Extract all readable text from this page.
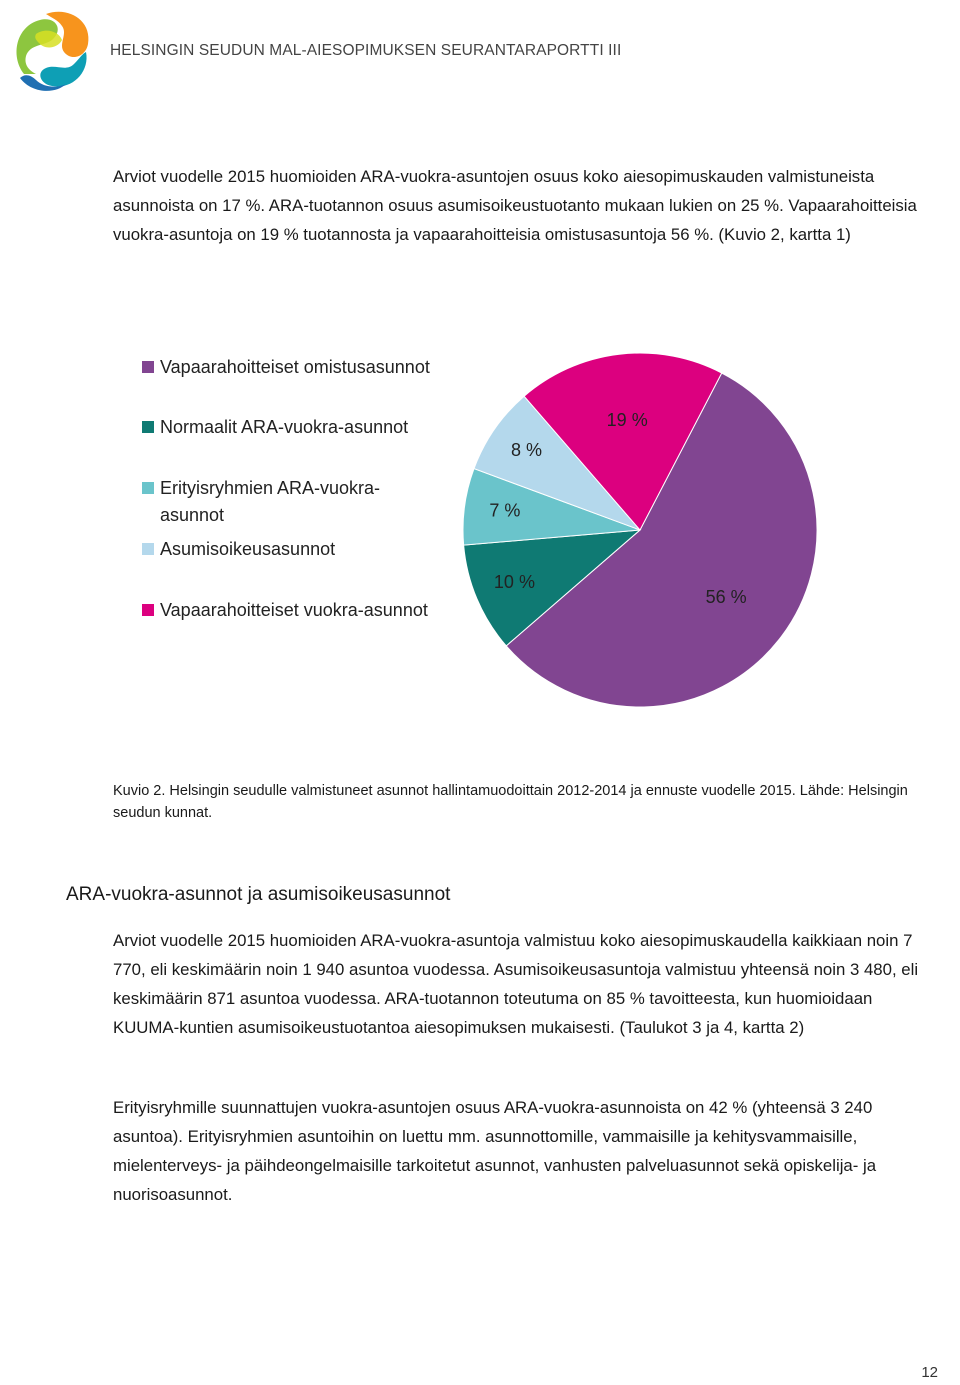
HELSINGIN SEUDUN MAL-AIESOPIMUKSEN SEURANTARAPORTTI III

Arviot vuodelle 2015 huomioiden ARA-vuokra-asuntojen osuus koko aiesopimuskauden valmistuneista asunnoista on 17 %. ARA-tuotannon osuus asumisoikeustuotanto mukaan lukien on 25 %. Vapaarahoitteisia vuokra-asuntoja on 19 % tuotannosta ja vapaarahoitteisia omistusasuntoja 56 %. (Kuvio 2, kartta 1)

Vapaarahoitteiset omistusasunnot
Normaalit ARA-vuokra-asunnot
Erityisryhmien ARA-vuokra-asunnot
Asumisoikeusasunnot
Vapaarahoitteiset vuokra-asunnot
56 %
10 %
7 %
8 %
19 %
Kuvio 2. Helsingin seudulle valmistuneet asunnot hallintamuodoittain 2012-2014 ja ennuste vuodelle 2015. Lähde: Helsingin seudun kunnat.
ARA-vuokra-asunnot ja asumisoikeusasunnot

Arviot vuodelle 2015 huomioiden ARA-vuokra-asuntoja valmistuu koko aiesopimuskaudella kaikkiaan noin 7 770, eli keskimäärin noin 1 940 asuntoa vuodessa. Asumisoikeusasuntoja valmistuu yhteensä noin 3 480, eli keskimäärin 871 asuntoa vuodessa. ARA-tuotannon toteutuma on 85 % tavoitteesta, kun huomioidaan KUUMA-kuntien asumisoikeustuotantoa aiesopimuksen mukaisesti. (Taulukot 3 ja 4, kartta 2)

Erityisryhmille suunnattujen vuokra-asuntojen osuus ARA-vuokra-asunnoista on 42 % (yhteensä 3 240 asuntoa). Erityisryhmien asuntoihin on luettu mm. asunnottomille, vammaisille ja kehitysvammaisille, mielenterveys- ja päihdeongelmaisille tarkoitetut asunnot, vanhusten palveluasunnot sekä opiskelija- ja nuorisoasunnot.

12
